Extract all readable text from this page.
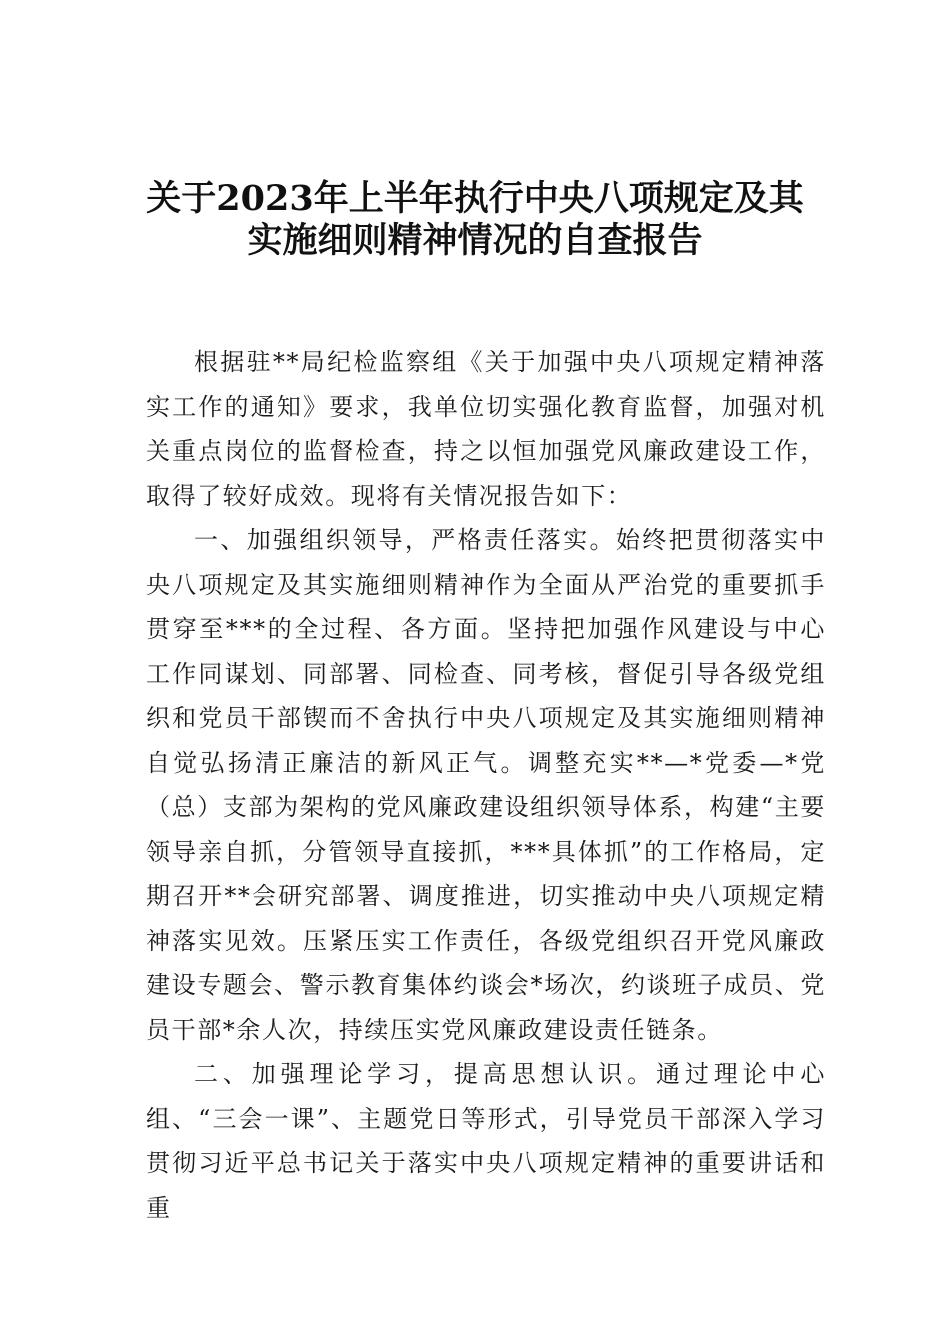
关于2023年上半年执行中央八项规定及其
实施细则精神情况的自查报告

根据驻**局纪检监察组《关于加强中央八项规定精神落实工作的通知》要求，我单位切实强化教育监督，加强对机关重点岗位的监督检查，持之以恒加强党风廉政建设工作，取得了较好成效。现将有关情况报告如下：

一、加强组织领导，严格责任落实。始终把贯彻落实中央八项规定及其实施细则精神作为全面从严治党的重要抓手贯穿至***的全过程、各方面。坚持把加强作风建设与中心工作同谋划、同部署、同检查、同考核，督促引导各级党组织和党员干部锲而不舍执行中央八项规定及其实施细则精神自觉弘扬清正廉洁的新风正气。调整充实**—*党委—*党（总）支部为架构的党风廉政建设组织领导体系，构建“主要领导亲自抓，分管领导直接抓，***具体抓”的工作格局，定期召开**会研究部署、调度推进，切实推动中央八项规定精神落实见效。压紧压实工作责任，各级党组织召开党风廉政建设专题会、警示教育集体约谈会*场次，约谈班子成员、党员干部*余人次，持续压实党风廉政建设责任链条。

二、加强理论学习，提高思想认识。通过理论中心组、“三会一课”、主题党日等形式，引导党员干部深入学习贯彻习近平总书记关于落实中央八项规定精神的重要讲话和重
